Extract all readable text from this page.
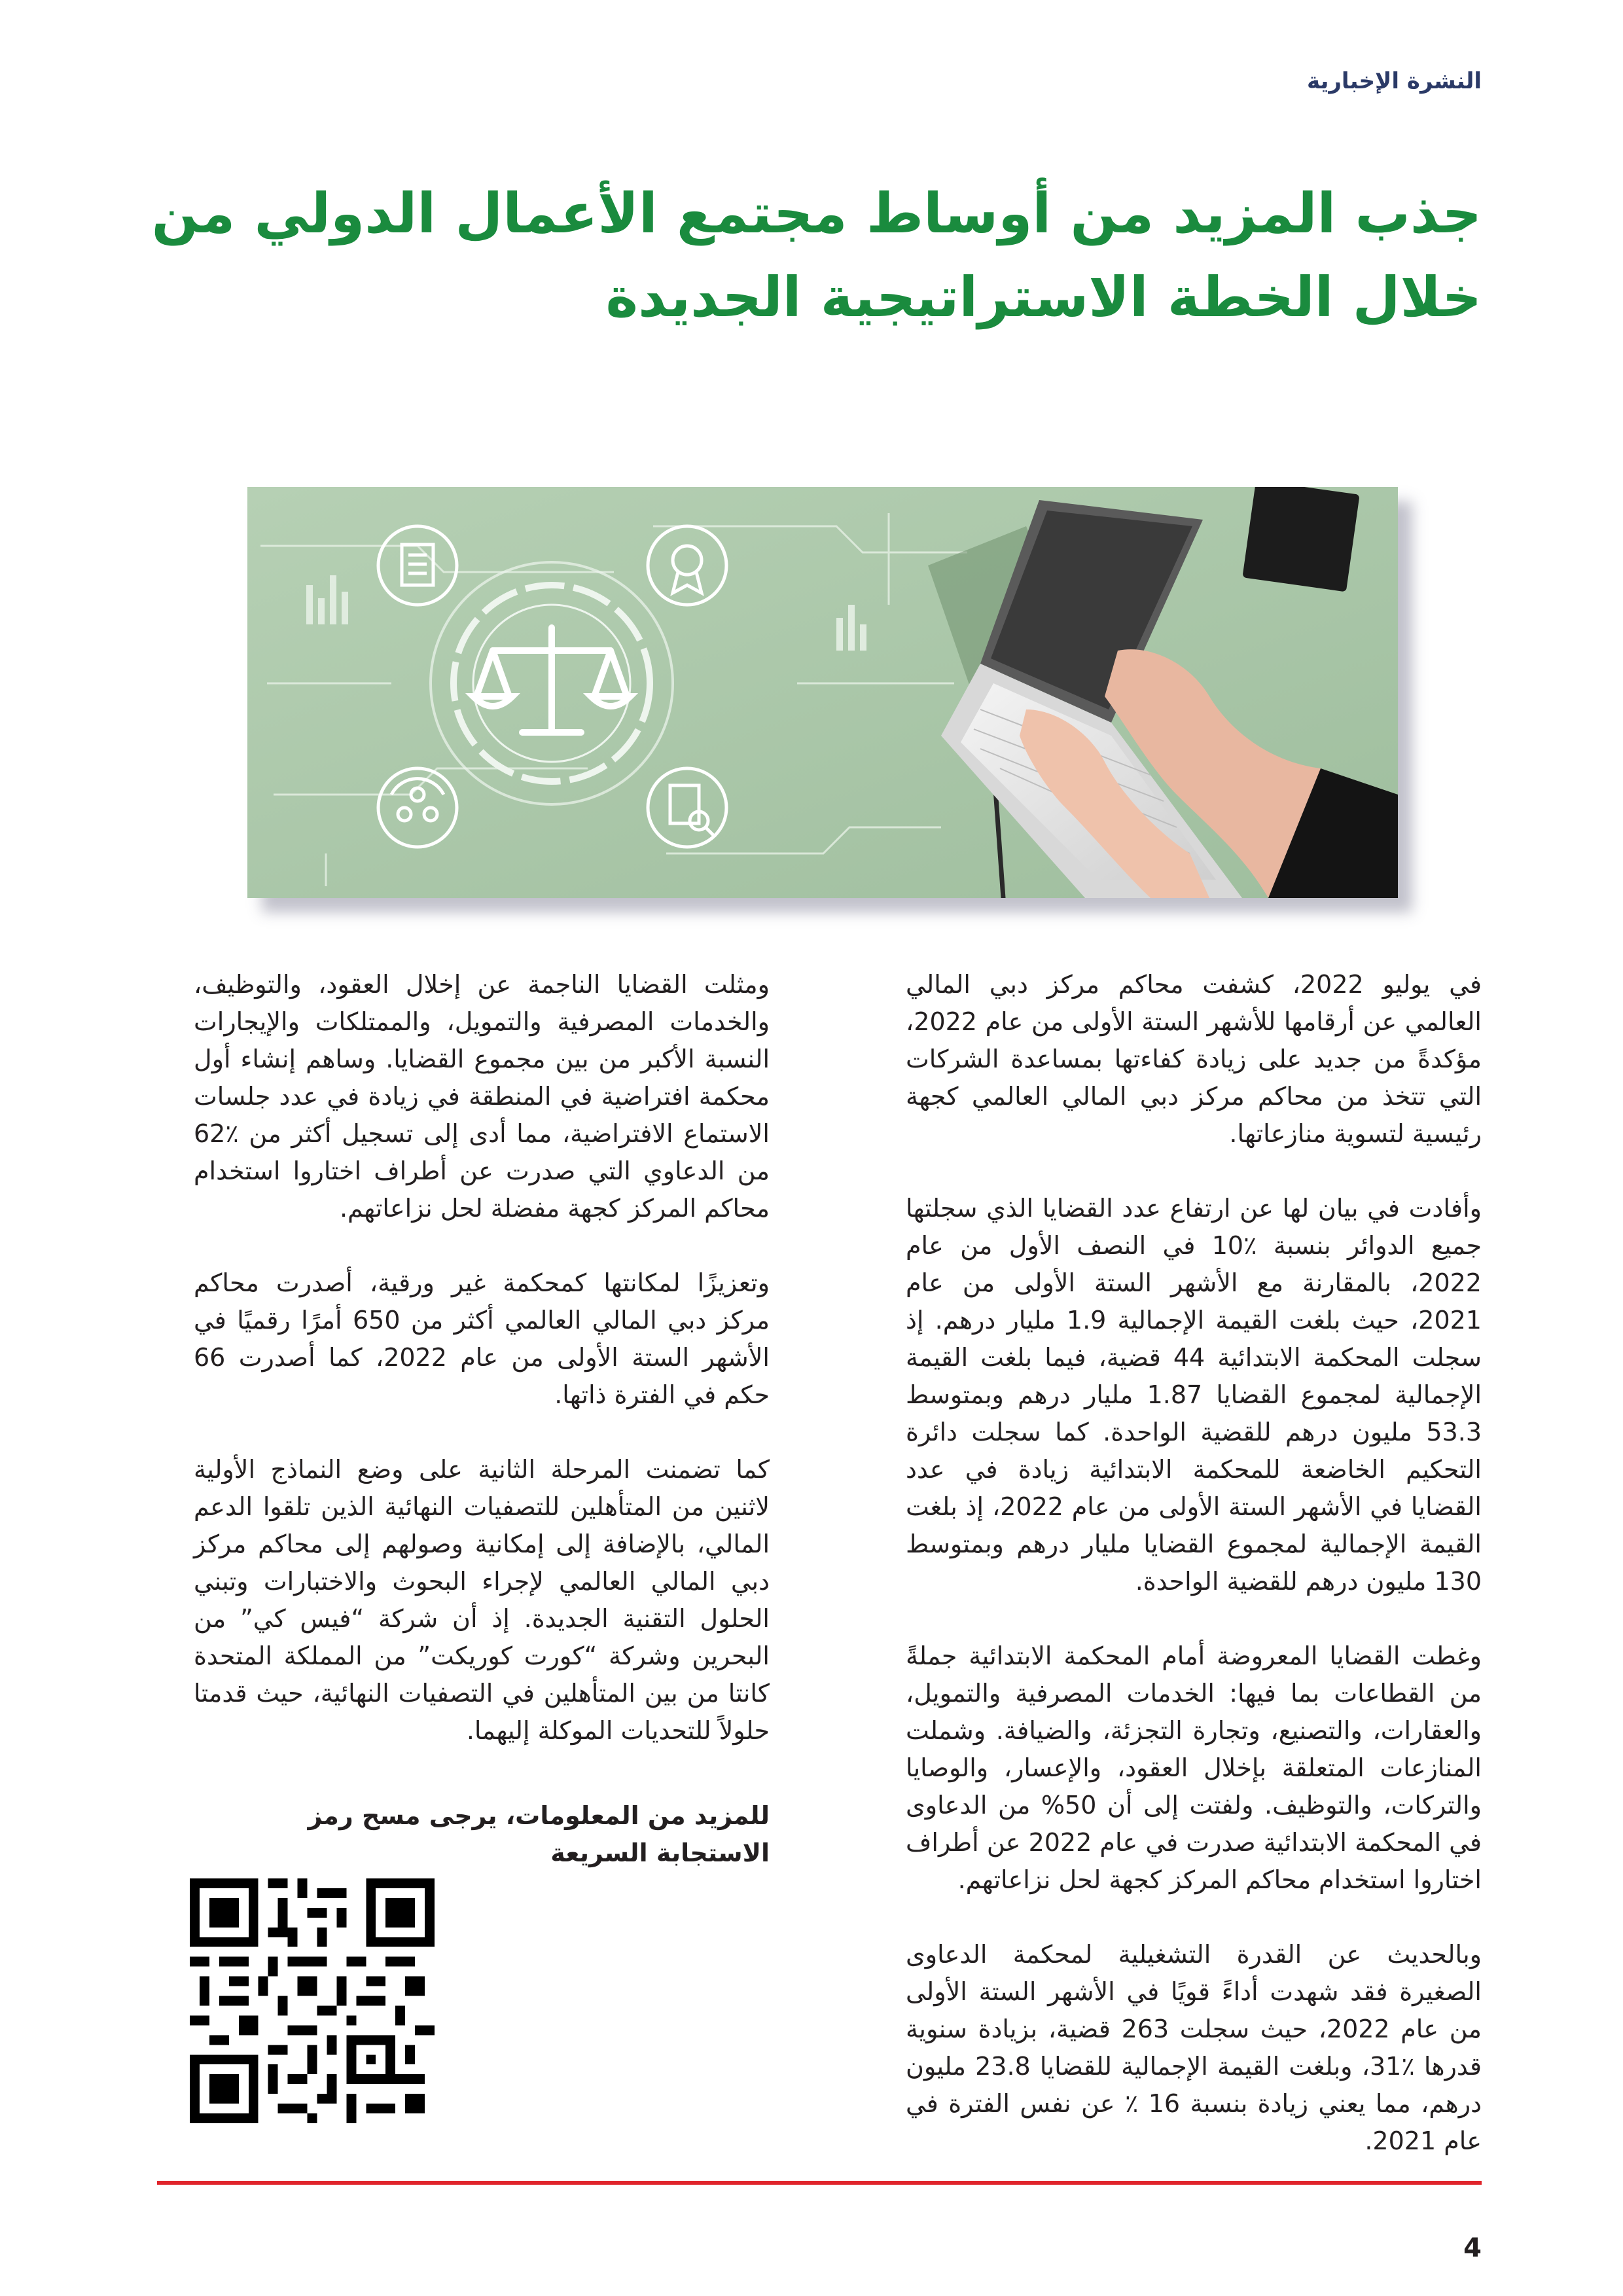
النشرة الإخبارية
جذب المزيد من أوساط مجتمع الأعمال الدولي من خلال الخطة الاستراتيجية الجديدة

في يوليو 2022، كشفت محاكم مركز دبي المالي العالمي عن أرقامها للأشهر الستة الأولى من عام 2022، مؤكدةً من جديد على زيادة كفاءتها بمساعدة الشركات التي تتخذ من محاكم مركز دبي المالي العالمي كجهة رئيسية لتسوية منازعاتها.

وأفادت في بيان لها عن ارتفاع عدد القضايا الذي سجلتها جميع الدوائر بنسبة ٪10 في النصف الأول من عام 2022، بالمقارنة مع الأشهر الستة الأولى من عام 2021، حيث بلغت القيمة الإجمالية 1.9 مليار درهم. إذ سجلت المحكمة الابتدائية 44 قضية، فيما بلغت القيمة الإجمالية لمجموع القضايا 1.87 مليار درهم وبمتوسط 53.3 مليون درهم للقضية الواحدة. كما سجلت دائرة التحكيم الخاضعة للمحكمة الابتدائية زيادة في عدد القضايا في الأشهر الستة الأولى من عام 2022، إذ بلغت القيمة الإجمالية لمجموع القضايا مليار درهم وبمتوسط 130 مليون درهم للقضية الواحدة.

وغطت القضايا المعروضة أمام المحكمة الابتدائية جملةً من القطاعات بما فيها: الخدمات المصرفية والتمويل، والعقارات، والتصنيع، وتجارة التجزئة، والضيافة. وشملت المنازعات المتعلقة بإخلال العقود، والإعسار، والوصايا والتركات، والتوظيف. ولفتت إلى أن 50% من الدعاوى في المحكمة الابتدائية صدرت في عام 2022 عن أطراف اختاروا استخدام محاكم المركز كجهة لحل نزاعاتهم.

وبالحديث عن القدرة التشغيلية لمحكمة الدعاوى الصغيرة فقد شهدت أداءً قويًا في الأشهر الستة الأولى من عام 2022، حيث سجلت 263 قضية، بزيادة سنوية قدرها ٪31، وبلغت القيمة الإجمالية للقضايا 23.8 مليون درهم، مما يعني زيادة بنسبة 16 ٪ عن نفس الفترة في عام 2021.

ومثلت القضايا الناجمة عن إخلال العقود، والتوظيف، والخدمات المصرفية والتمويل، والممتلكات والإيجارات النسبة الأكبر من بين مجموع القضايا. وساهم إنشاء أول محكمة افتراضية في المنطقة في زيادة في عدد جلسات الاستماع الافتراضية، مما أدى إلى تسجيل أكثر من ٪62 من الدعاوي التي صدرت عن أطراف اختاروا استخدام محاكم المركز كجهة مفضلة لحل نزاعاتهم.

وتعزيزًا لمكانتها كمحكمة غير ورقية، أصدرت محاكم مركز دبي المالي العالمي أكثر من 650 أمرًا رقميًا في الأشهر الستة الأولى من عام 2022، كما أصدرت 66 حكم في الفترة ذاتها.

كما تضمنت المرحلة الثانية على وضع النماذج الأولية لاثنين من المتأهلين للتصفيات النهائية الذين تلقوا الدعم المالي، بالإضافة إلى إمكانية وصولهم إلى محاكم مركز دبي المالي العالمي لإجراء البحوث والاختبارات وتبني الحلول التقنية الجديدة. إذ أن شركة “فيس كي” من البحرين وشركة “كورت كوريكت” من المملكة المتحدة كانتا من بين المتأهلين في التصفيات النهائية، حيث قدمتا حلولاً للتحديات الموكلة إليهما.

للمزيد من المعلومات، يرجى مسح رمز الاستجابة السريعة
4
